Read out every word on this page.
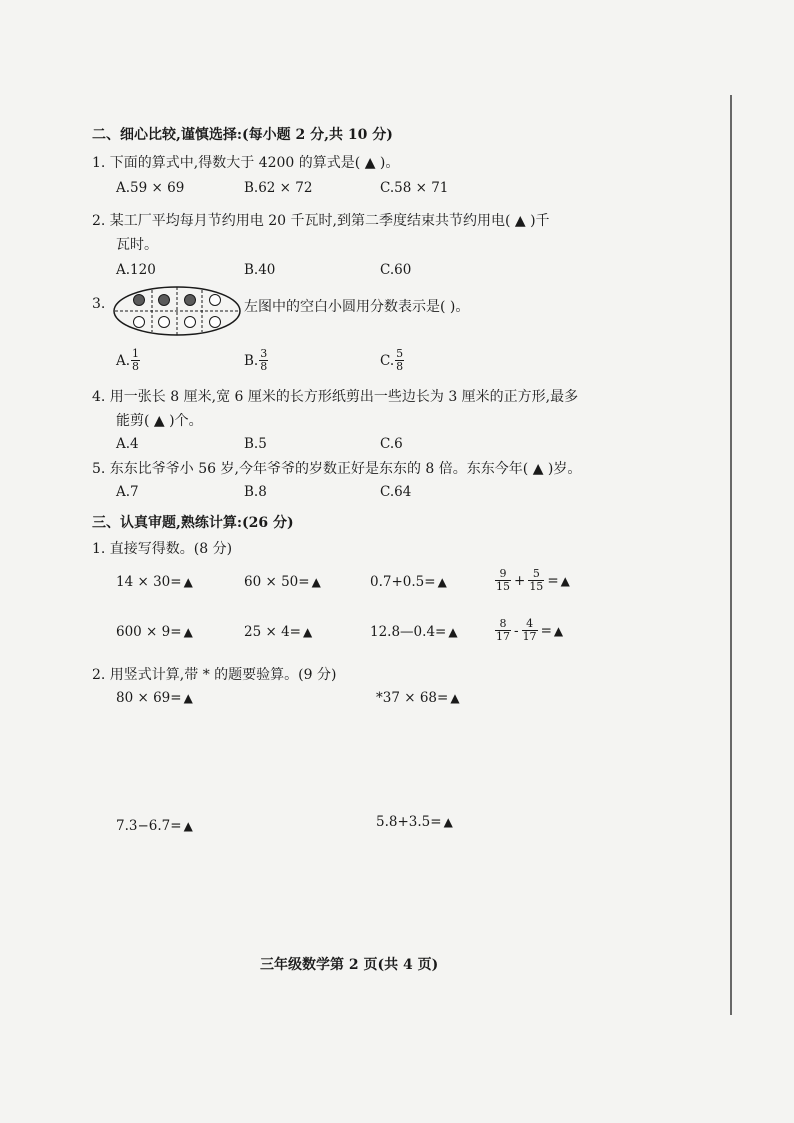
二、细心比较,谨慎选择:(每小题 2 分,共 10 分)
1. 下面的算式中,得数大于 4200 的算式是( ▲ )。
A.59 × 69	B.62 × 72	C.58 × 71
2. 某工厂平均每月节约用电 20 千瓦时,到第二季度结束共节约用电( ▲ )千
瓦时。
A.120	B.40	C.60
3.	左图中的空白小圆用分数表示是( )。
A. $\frac{1}{8}$	B. $\frac{3}{8}$	C. $\frac{5}{8}$
4. 用一张长 8 厘米,宽 6 厘米的长方形纸剪出一些边长为 3 厘米的正方形,最多
能剪( ▲ )个。
A.4	B.5	C.6
5. 东东比爷爷小 56 岁,今年爷爷的岁数正好是东东的 8 倍。东东今年( ▲ )岁。
A.7	B.8	C.64
三、认真审题,熟练计算:(26 分)
1. 直接写得数。(8 分)
14 × 30= ▲	60 × 50= ▲	0.7+0.5= ▲	$\frac{9}{15} + \frac{5}{15}$ = ▲
600 × 9= ▲	25 × 4= ▲	12.8—0.4= ▲	$\frac{8}{17} - \frac{4}{17}$ = ▲
2. 用竖式计算,带 * 的题要验算。(9 分)
80 × 69= ▲	*37 × 68= ▲
7.3−6.7= ▲	5.8+3.5= ▲
三年级数学第 2 页(共 4 页)
